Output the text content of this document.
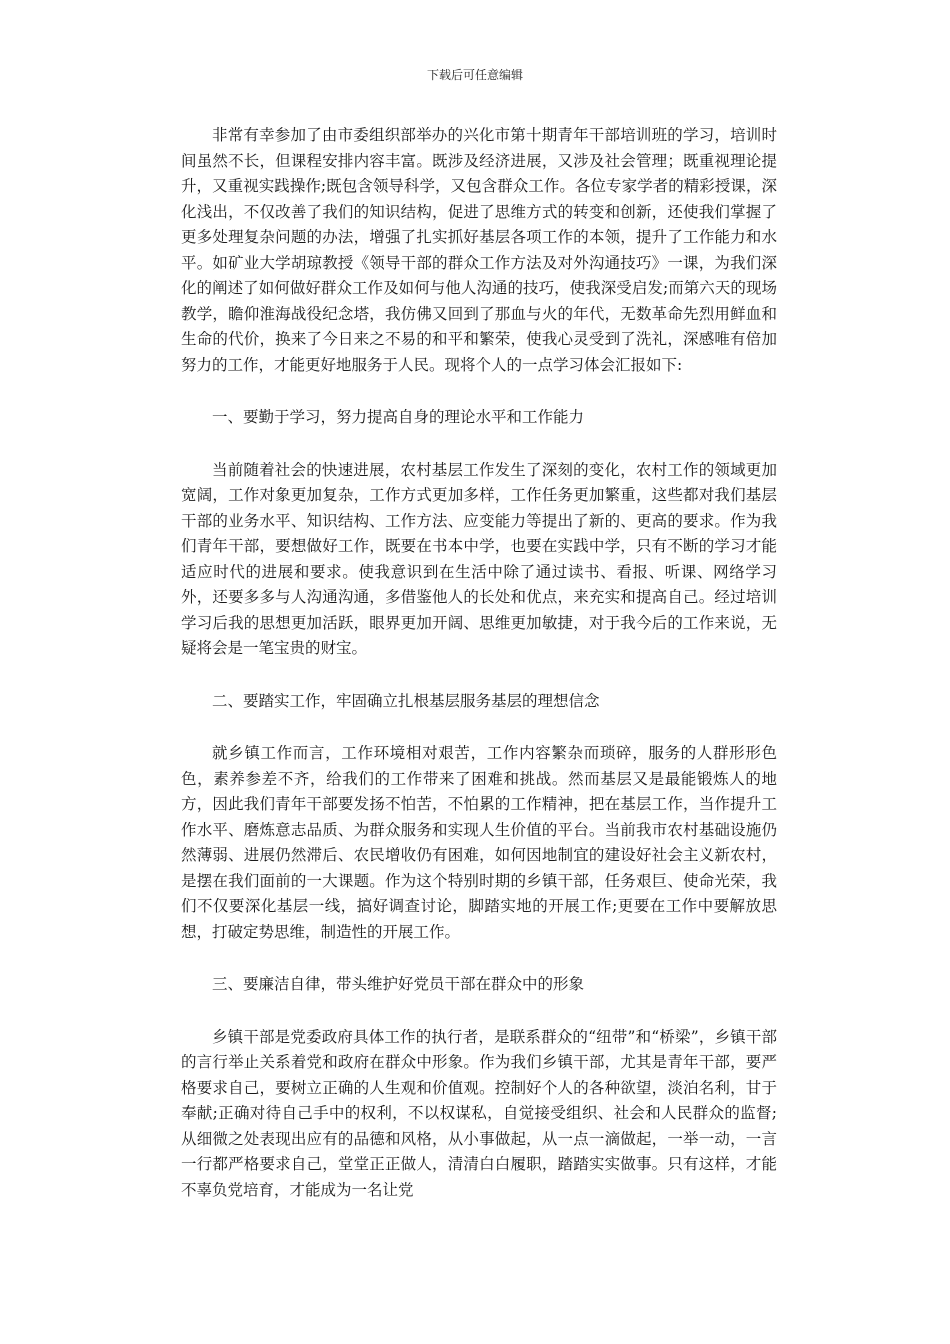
下载后可任意编辑

非常有幸参加了由市委组织部举办的兴化市第十期青年干部培训班的学习，培训时间虽然不长，但课程安排内容丰富。既涉及经济进展，又涉及社会管理；既重视理论提升，又重视实践操作;既包含领导科学，又包含群众工作。各位专家学者的精彩授课，深化浅出，不仅改善了我们的知识结构，促进了思维方式的转变和创新，还使我们掌握了更多处理复杂问题的办法，增强了扎实抓好基层各项工作的本领，提升了工作能力和水平。如矿业大学胡琼教授《领导干部的群众工作方法及对外沟通技巧》一课，为我们深化的阐述了如何做好群众工作及如何与他人沟通的技巧，使我深受启发;而第六天的现场教学，瞻仰淮海战役纪念塔，我仿佛又回到了那血与火的年代，无数革命先烈用鲜血和生命的代价，换来了今日来之不易的和平和繁荣，使我心灵受到了洗礼，深感唯有倍加努力的工作，才能更好地服务于人民。现将个人的一点学习体会汇报如下:

一、要勤于学习，努力提高自身的理论水平和工作能力

当前随着社会的快速进展，农村基层工作发生了深刻的变化，农村工作的领域更加宽阔，工作对象更加复杂，工作方式更加多样，工作任务更加繁重，这些都对我们基层干部的业务水平、知识结构、工作方法、应变能力等提出了新的、更高的要求。作为我们青年干部，要想做好工作，既要在书本中学，也要在实践中学，只有不断的学习才能适应时代的进展和要求。使我意识到在生活中除了通过读书、看报、听课、网络学习外，还要多多与人沟通沟通，多借鉴他人的长处和优点，来充实和提高自己。经过培训学习后我的思想更加活跃，眼界更加开阔、思维更加敏捷，对于我今后的工作来说，无疑将会是一笔宝贵的财宝。

二、要踏实工作，牢固确立扎根基层服务基层的理想信念

就乡镇工作而言，工作环境相对艰苦，工作内容繁杂而琐碎，服务的人群形形色色，素养参差不齐，给我们的工作带来了困难和挑战。然而基层又是最能锻炼人的地方，因此我们青年干部要发扬不怕苦，不怕累的工作精神，把在基层工作，当作提升工作水平、磨炼意志品质、为群众服务和实现人生价值的平台。当前我市农村基础设施仍然薄弱、进展仍然滞后、农民增收仍有困难，如何因地制宜的建设好社会主义新农村，是摆在我们面前的一大课题。作为这个特别时期的乡镇干部，任务艰巨、使命光荣，我们不仅要深化基层一线，搞好调查讨论，脚踏实地的开展工作;更要在工作中要解放思想，打破定势思维，制造性的开展工作。

三、要廉洁自律，带头维护好党员干部在群众中的形象

乡镇干部是党委政府具体工作的执行者，是联系群众的“纽带”和“桥梁”，乡镇干部的言行举止关系着党和政府在群众中形象。作为我们乡镇干部，尤其是青年干部，要严格要求自己，要树立正确的人生观和价值观。控制好个人的各种欲望，淡泊名利，甘于奉献;正确对待自己手中的权利，不以权谋私，自觉接受组织、社会和人民群众的监督;从细微之处表现出应有的品德和风格，从小事做起，从一点一滴做起，一举一动，一言一行都严格要求自己，堂堂正正做人，清清白白履职，踏踏实实做事。只有这样，才能不辜负党培育，才能成为一名让党
